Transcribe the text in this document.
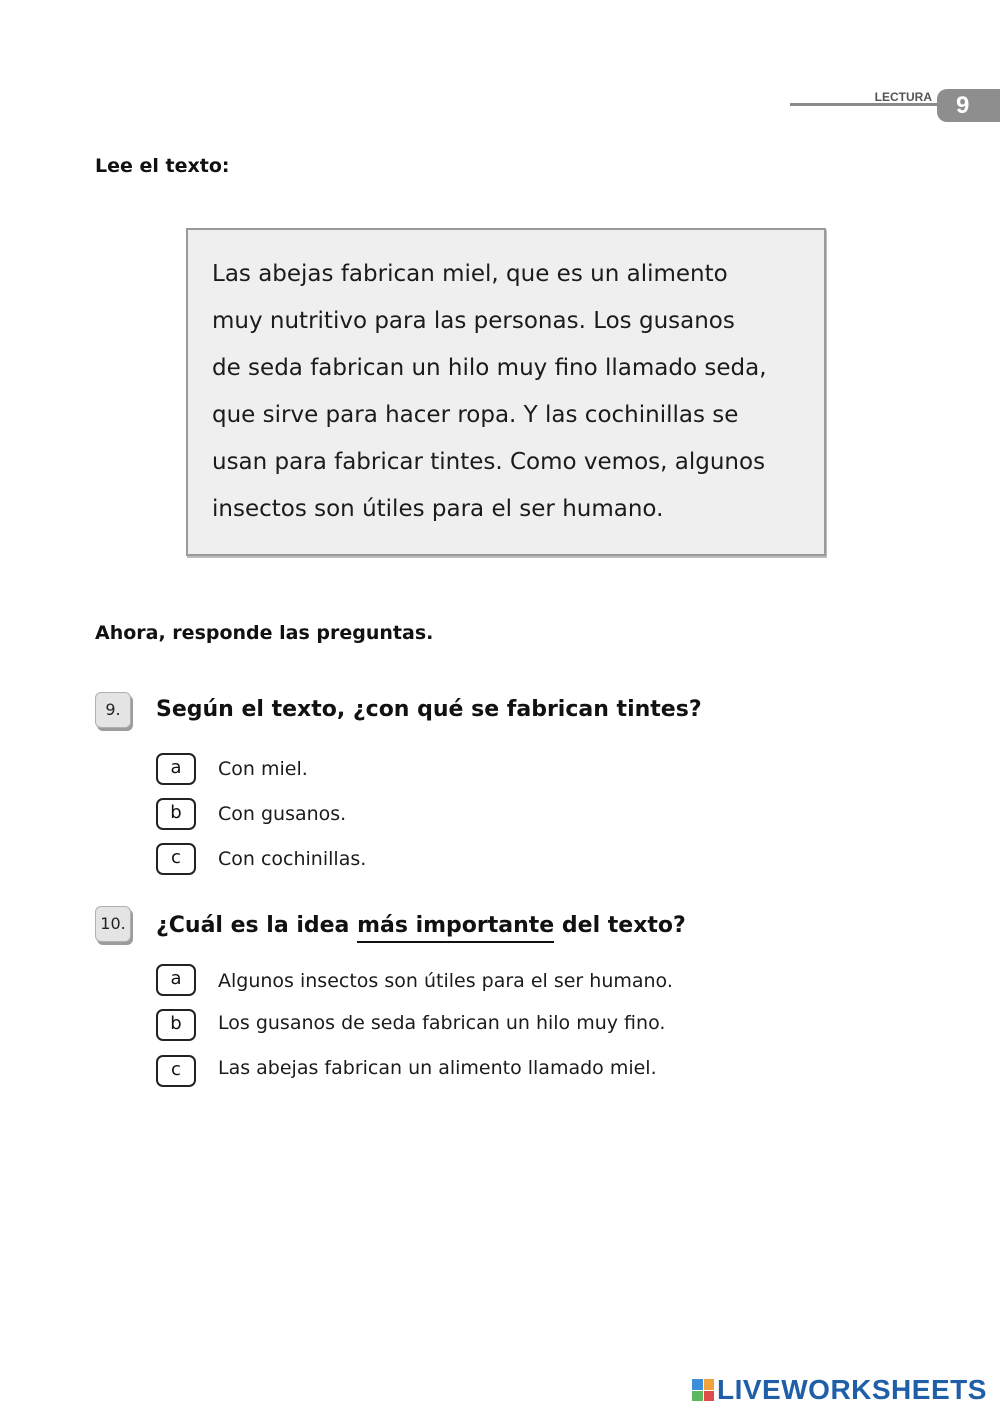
LECTURA	9
Lee el texto:
Las abejas fabrican miel, que es un alimento
muy nutritivo para las personas. Los gusanos
de seda fabrican un hilo muy fino llamado seda,
que sirve para hacer ropa. Y las cochinillas se
usan para fabricar tintes. Como vemos, algunos
insectos son útiles para el ser humano.
Ahora, responde las preguntas.
9.	Según el texto, ¿con qué se fabrican tintes?
a	Con miel.
b	Con gusanos.
c	Con cochinillas.
10. ¿Cuál es la idea más importante del texto?
a	Algunos insectos son útiles para el ser humano.
b	Los gusanos de seda fabrican un hilo muy fino.
c	Las abejas fabrican un alimento llamado miel.
LIVEWORKSHEETS
